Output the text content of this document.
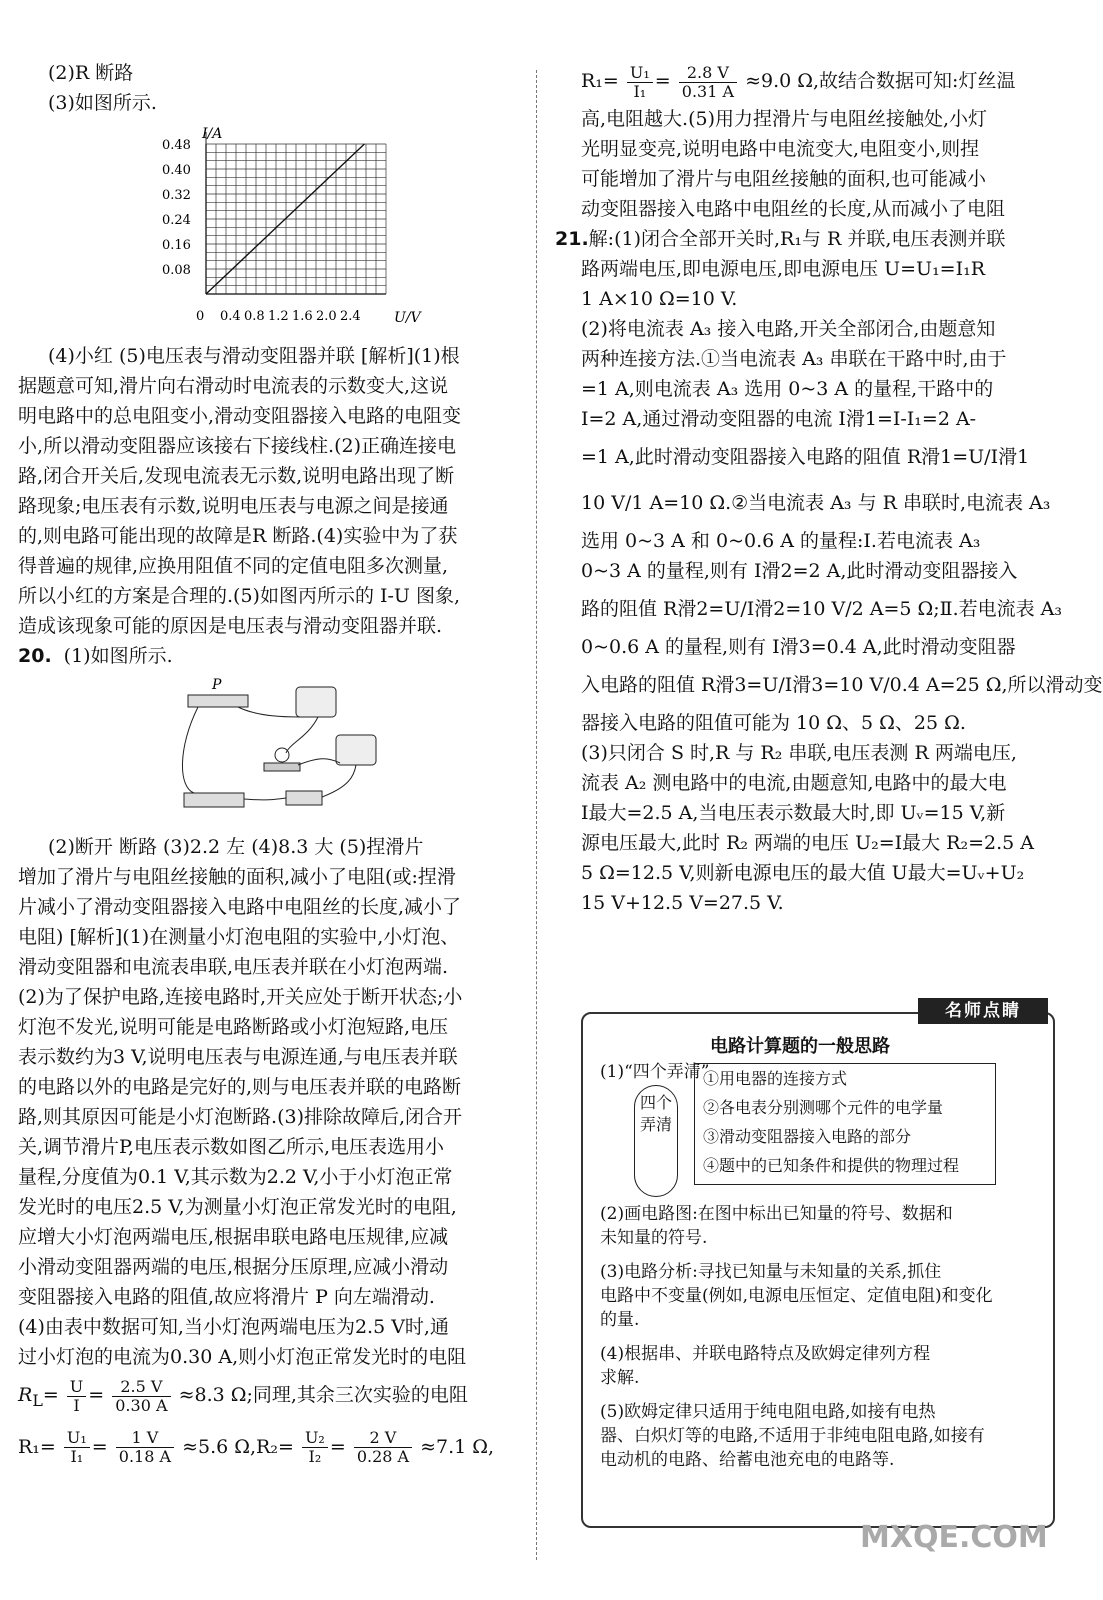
(2)R 断路

(3)如图所示.

I/A
U/V
0.48
0.40
0.32
0.24
0.16
0.08
0 0.4 0.8 1.2 1.6 2.0 2.4

(4)小红 (5)电压表与滑动变阻器并联 [解析](1)根

据题意可知,滑片向右滑动时电流表的示数变大,这说

明电路中的总电阻变小,滑动变阻器接入电路的电阻变

小,所以滑动变阻器应该接右下接线柱.(2)正确连接电

路,闭合开关后,发现电流表无示数,说明电路出现了断

路现象;电压表有示数,说明电压表与电源之间是接通

的,则电路可能出现的故障是R 断路.(4)实验中为了获

得普遍的规律,应换用阻值不同的定值电阻多次测量,

所以小红的方案是合理的.(5)如图丙所示的 I-U 图象,

造成该现象可能的原因是电压表与滑动变阻器并联.

20. (1)如图所示.

P

(2)断开 断路 (3)2.2 左 (4)8.3 大 (5)捏滑片

增加了滑片与电阻丝接触的面积,减小了电阻(或:捏滑

片减小了滑动变阻器接入电路中电阻丝的长度,减小了

电阻) [解析](1)在测量小灯泡电阻的实验中,小灯泡、

滑动变阻器和电流表串联,电压表并联在小灯泡两端.

(2)为了保护电路,连接电路时,开关应处于断开状态;小

灯泡不发光,说明可能是电路断路或小灯泡短路,电压

表示数约为3 V,说明电压表与电源连通,与电压表并联

的电路以外的电路是完好的,则与电压表并联的电路断

路,则其原因可能是小灯泡断路.(3)排除故障后,闭合开

关,调节滑片P,电压表示数如图乙所示,电压表选用小

量程,分度值为0.1 V,其示数为2.2 V,小于小灯泡正常

发光时的电压2.5 V,为测量小灯泡正常发光时的电阻,

应增大小灯泡两端电压,根据串联电路电压规律,应减

小滑动变阻器两端的电压,根据分压原理,应减小滑动

变阻器接入电路的阻值,故应将滑片 P 向左端滑动.

(4)由表中数据可知,当小灯泡两端电压为2.5 V时,通

过小灯泡的电流为0.30 A,则小灯泡正常发光时的电阻

$R_L= \frac{U}{I} = \frac{2.5 V}{0.30 A} \approx 8.3$ Ω;同理,其余三次实验的电阻

$R_1= \frac{\text{U₁}}{\text{I₁}} = \frac{1 V}{0.18 A} \approx 5.6$ $\Omega,R_2= \frac{\text{U₂}}{\text{I₂}} = \frac{2 V}{0.28 A} \approx 7.1$ Ω,

$R_1= \frac{\text{U₁}}{\text{I₁}} = \frac{2.8 V}{0.31 A} \approx 9.0$ Ω,故结合数据可知:灯丝温

高,电阻越大.(5)用力捏滑片与电阻丝接触处,小灯

光明显变亮,说明电路中电流变大,电阻变小,则捏

可能增加了滑片与电阻丝接触的面积,也可能减小

动变阻器接入电路中电阻丝的长度,从而减小了电阻

21.解:(1)闭合全部开关时,R₁与 R 并联,电压表测并联

路两端电压,即电源电压,即电源电压 U=U₁=I₁R

1 A×10 Ω=10 V.

(2)将电流表 A₃ 接入电路,开关全部闭合,由题意知

两种连接方法.①当电流表 A₃ 串联在干路中时,由于

=1 A,则电流表 A₃ 选用 0~3 A 的量程,干路中的

I=2 A,通过滑动变阻器的电流 I滑1=I-I₁=2 A-

=1 A,此时滑动变阻器接入电路的阻值 R滑1=U/I滑1

10 V/1 A=10 Ω.②当电流表 A₃ 与 R 串联时,电流表 A₃

选用 0~3 A 和 0~0.6 A 的量程:Ⅰ.若电流表 A₃

0~3 A 的量程,则有 I滑2=2 A,此时滑动变阻器接入

路的阻值 R滑2=U/I滑2=10 V/2 A=5 Ω;Ⅱ.若电流表 A₃

0~0.6 A 的量程,则有 I滑3=0.4 A,此时滑动变阻器

入电路的阻值 R滑3=U/I滑3=10 V/0.4 A=25 Ω,所以滑动变

器接入电路的阻值可能为 10 Ω、5 Ω、25 Ω.

(3)只闭合 S 时,R 与 R₂ 串联,电压表测 R 两端电压,

流表 A₂ 测电路中的电流,由题意知,电路中的最大电

I最大=2.5 A,当电压表示数最大时,即 Uᵥ=15 V,新

源电压最大,此时 R₂ 两端的电压 U₂=I最大 R₂=2.5 A

5 Ω=12.5 V,则新电源电压的最大值 U最大=Uᵥ+U₂

15 V+12.5 V=27.5 V.

名师点睛
电路计算题的一般思路
(1)“四个弄清”
四个弄清
①用电器的连接方式
②各电表分别测哪个元件的电学量
③滑动变阻器接入电路的部分
④题中的已知条件和提供的物理过程
(2)画电路图:在图中标出已知量的符号、数据和
未知量的符号.
(3)电路分析:寻找已知量与未知量的关系,抓住
电路中不变量(例如,电源电压恒定、定值电阻)和变化
的量.
(4)根据串、并联电路特点及欧姆定律列方程
求解.
(5)欧姆定律只适用于纯电阻电路,如接有电热
器、白炽灯等的电路,不适用于非纯电阻电路,如接有
电动机的电路、给蓄电池充电的电路等.
MXQE.COM
